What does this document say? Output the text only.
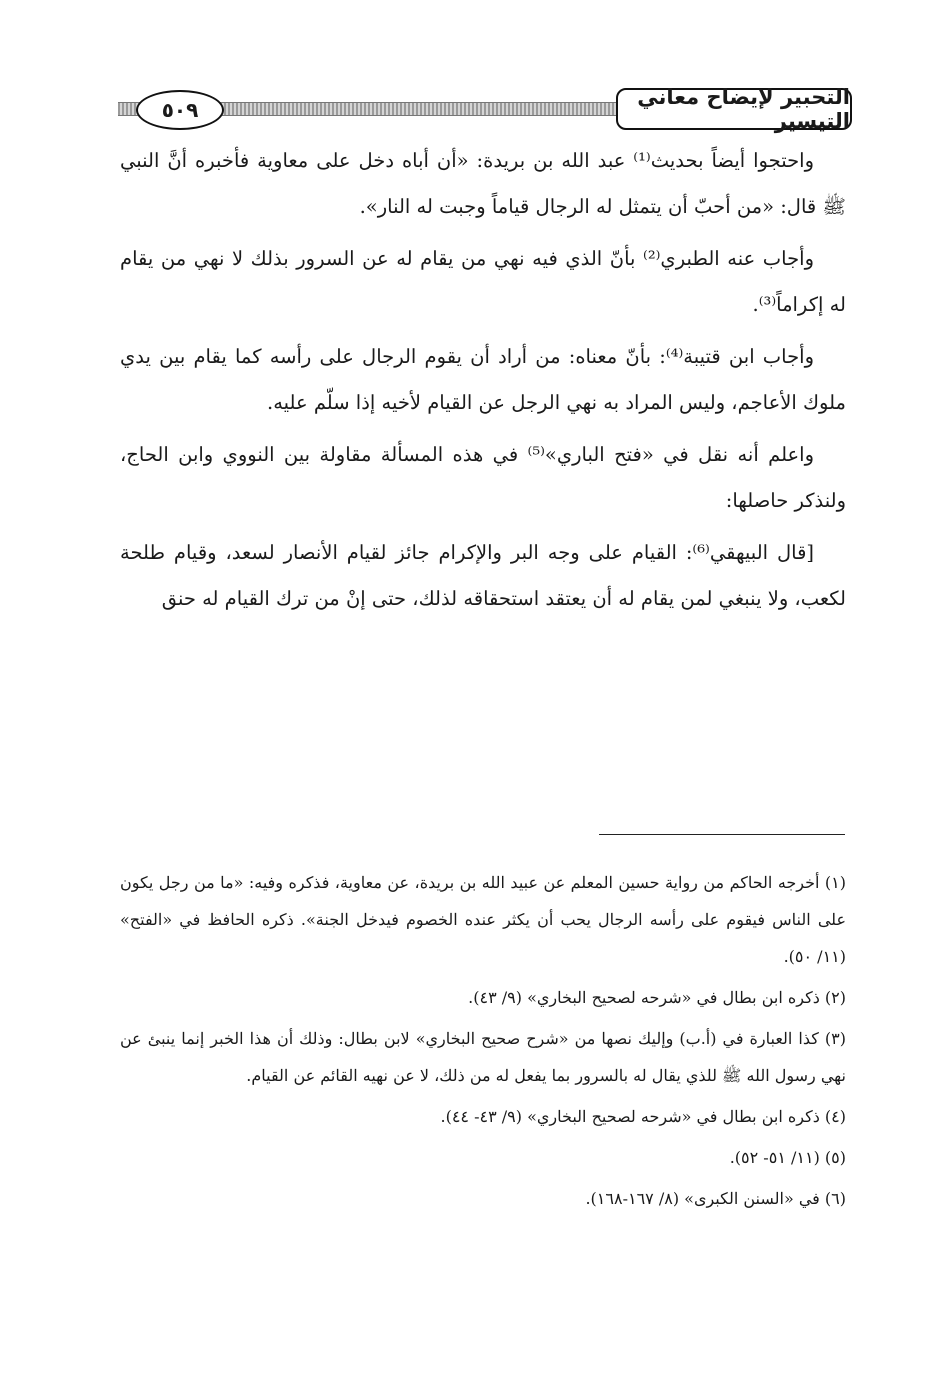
٥٠٩
التحبير لإيضاح معاني التيسير

واحتجوا أيضاً بحديث⁽¹⁾ عبد الله بن بريدة: «أن أباه دخل على معاوية فأخبره أنَّ النبي ﷺ قال: «من أحبّ أن يتمثل له الرجال قياماً وجبت له النار».

وأجاب عنه الطبري⁽²⁾ بأنّ الذي فيه نهي من يقام له عن السرور بذلك لا نهي من يقام له إكراماً⁽³⁾.

وأجاب ابن قتيبة⁽⁴⁾: بأنّ معناه: من أراد أن يقوم الرجال على رأسه كما يقام بين يدي ملوك الأعاجم، وليس المراد به نهي الرجل عن القيام لأخيه إذا سلّم عليه.

واعلم أنه نقل في «فتح الباري»⁽⁵⁾ في هذه المسألة مقاولة بين النووي وابن الحاج، ولنذكر حاصلها:

[قال البيهقي⁽⁶⁾: القيام على وجه البر والإكرام جائز لقيام الأنصار لسعد، وقيام طلحة لكعب، ولا ينبغي لمن يقام له أن يعتقد استحقاقه لذلك، حتى إنْ من ترك القيام له حنق

(١) أخرجه الحاكم من رواية حسين المعلم عن عبيد الله بن بريدة، عن معاوية، فذكره وفيه: «ما من رجل يكون على الناس فيقوم على رأسه الرجال يحب أن يكثر عنده الخصوم فيدخل الجنة». ذكره الحافظ في «الفتح» (١١/ ٥٠).

(٢) ذكره ابن بطال في «شرحه لصحيح البخاري» (٩/ ٤٣).

(٣) كذا العبارة في (أ.ب) وإليك نصها من «شرح صحيح البخاري» لابن بطال: وذلك أن هذا الخبر إنما ينبئ عن نهي رسول الله ﷺ للذي يقال له بالسرور بما يفعل له من ذلك، لا عن نهيه القائم عن القيام.

(٤) ذكره ابن بطال في «شرحه لصحيح البخاري» (٩/ ٤٣- ٤٤).

(٥) (١١/ ٥١- ٥٢).

(٦) في «السنن الكبرى» (٨/ ١٦٧-١٦٨).
